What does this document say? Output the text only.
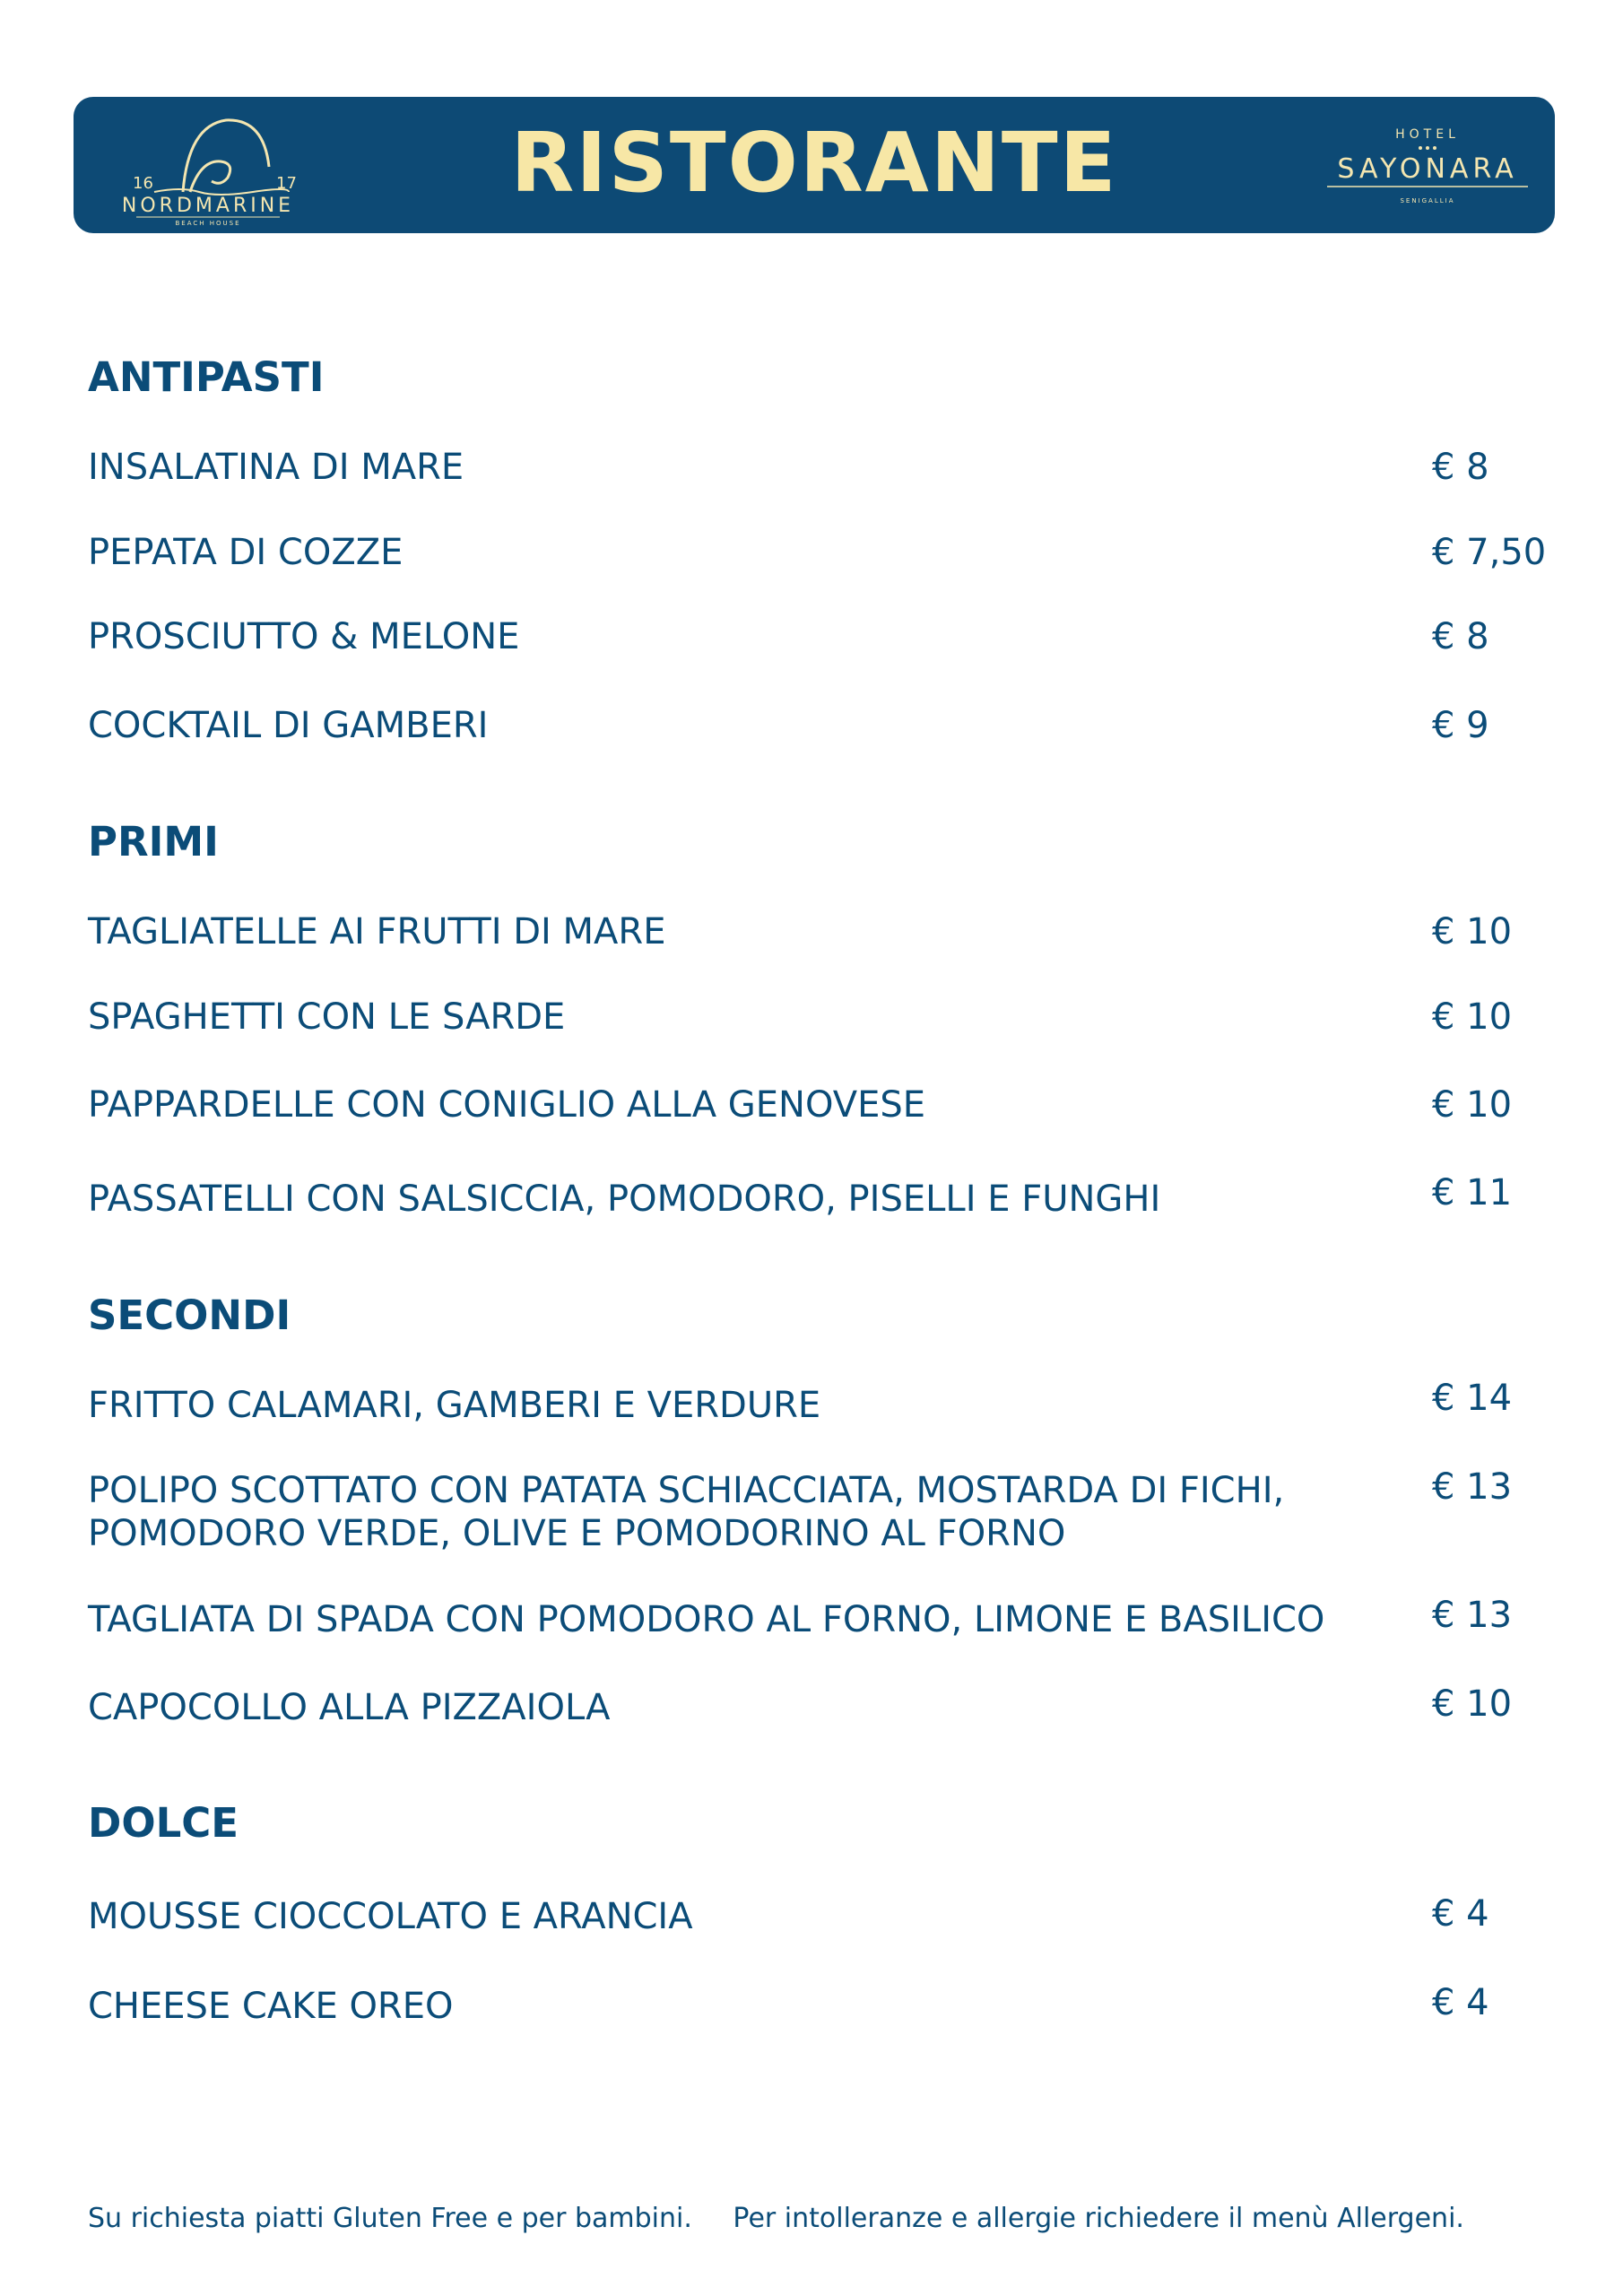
16	17
NORDMARINE
BEACH HOUSE
RISTORANTE	HOTEL
SAYONARA
SENIGALLIA
ANTIPASTI
INSALATINA DI MARE	€ 8
PEPATA DI COZZE	€ 7,50
PROSCIUTTO & MELONE	€ 8
COCKTAIL DI GAMBERI	€ 9
PRIMI
TAGLIATELLE AI FRUTTI DI MARE	€ 10
SPAGHETTI CON LE SARDE	€ 10
PAPPARDELLE CON CONIGLIO ALLA GENOVESE	€ 10
PASSATELLI CON SALSICCIA, POMODORO, PISELLI E FUNGHI	€ 11
SECONDI
FRITTO CALAMARI, GAMBERI E VERDURE	€ 14
POLIPO SCOTTATO CON PATATA SCHIACCIATA, MOSTARDA DI FICHI, POMODORO VERDE, OLIVE E POMODORINO AL FORNO
€ 13
TAGLIATA DI SPADA CON POMODORO AL FORNO, LIMONE E BASILICO	€ 13
CAPOCOLLO ALLA PIZZAIOLA	€ 10
DOLCE
MOUSSE CIOCCOLATO E ARANCIA	€ 4
CHEESE CAKE OREO	€ 4
Su richiesta piatti Gluten Free e per bambini. Per intolleranze e allergie richiedere il menù Allergeni.
